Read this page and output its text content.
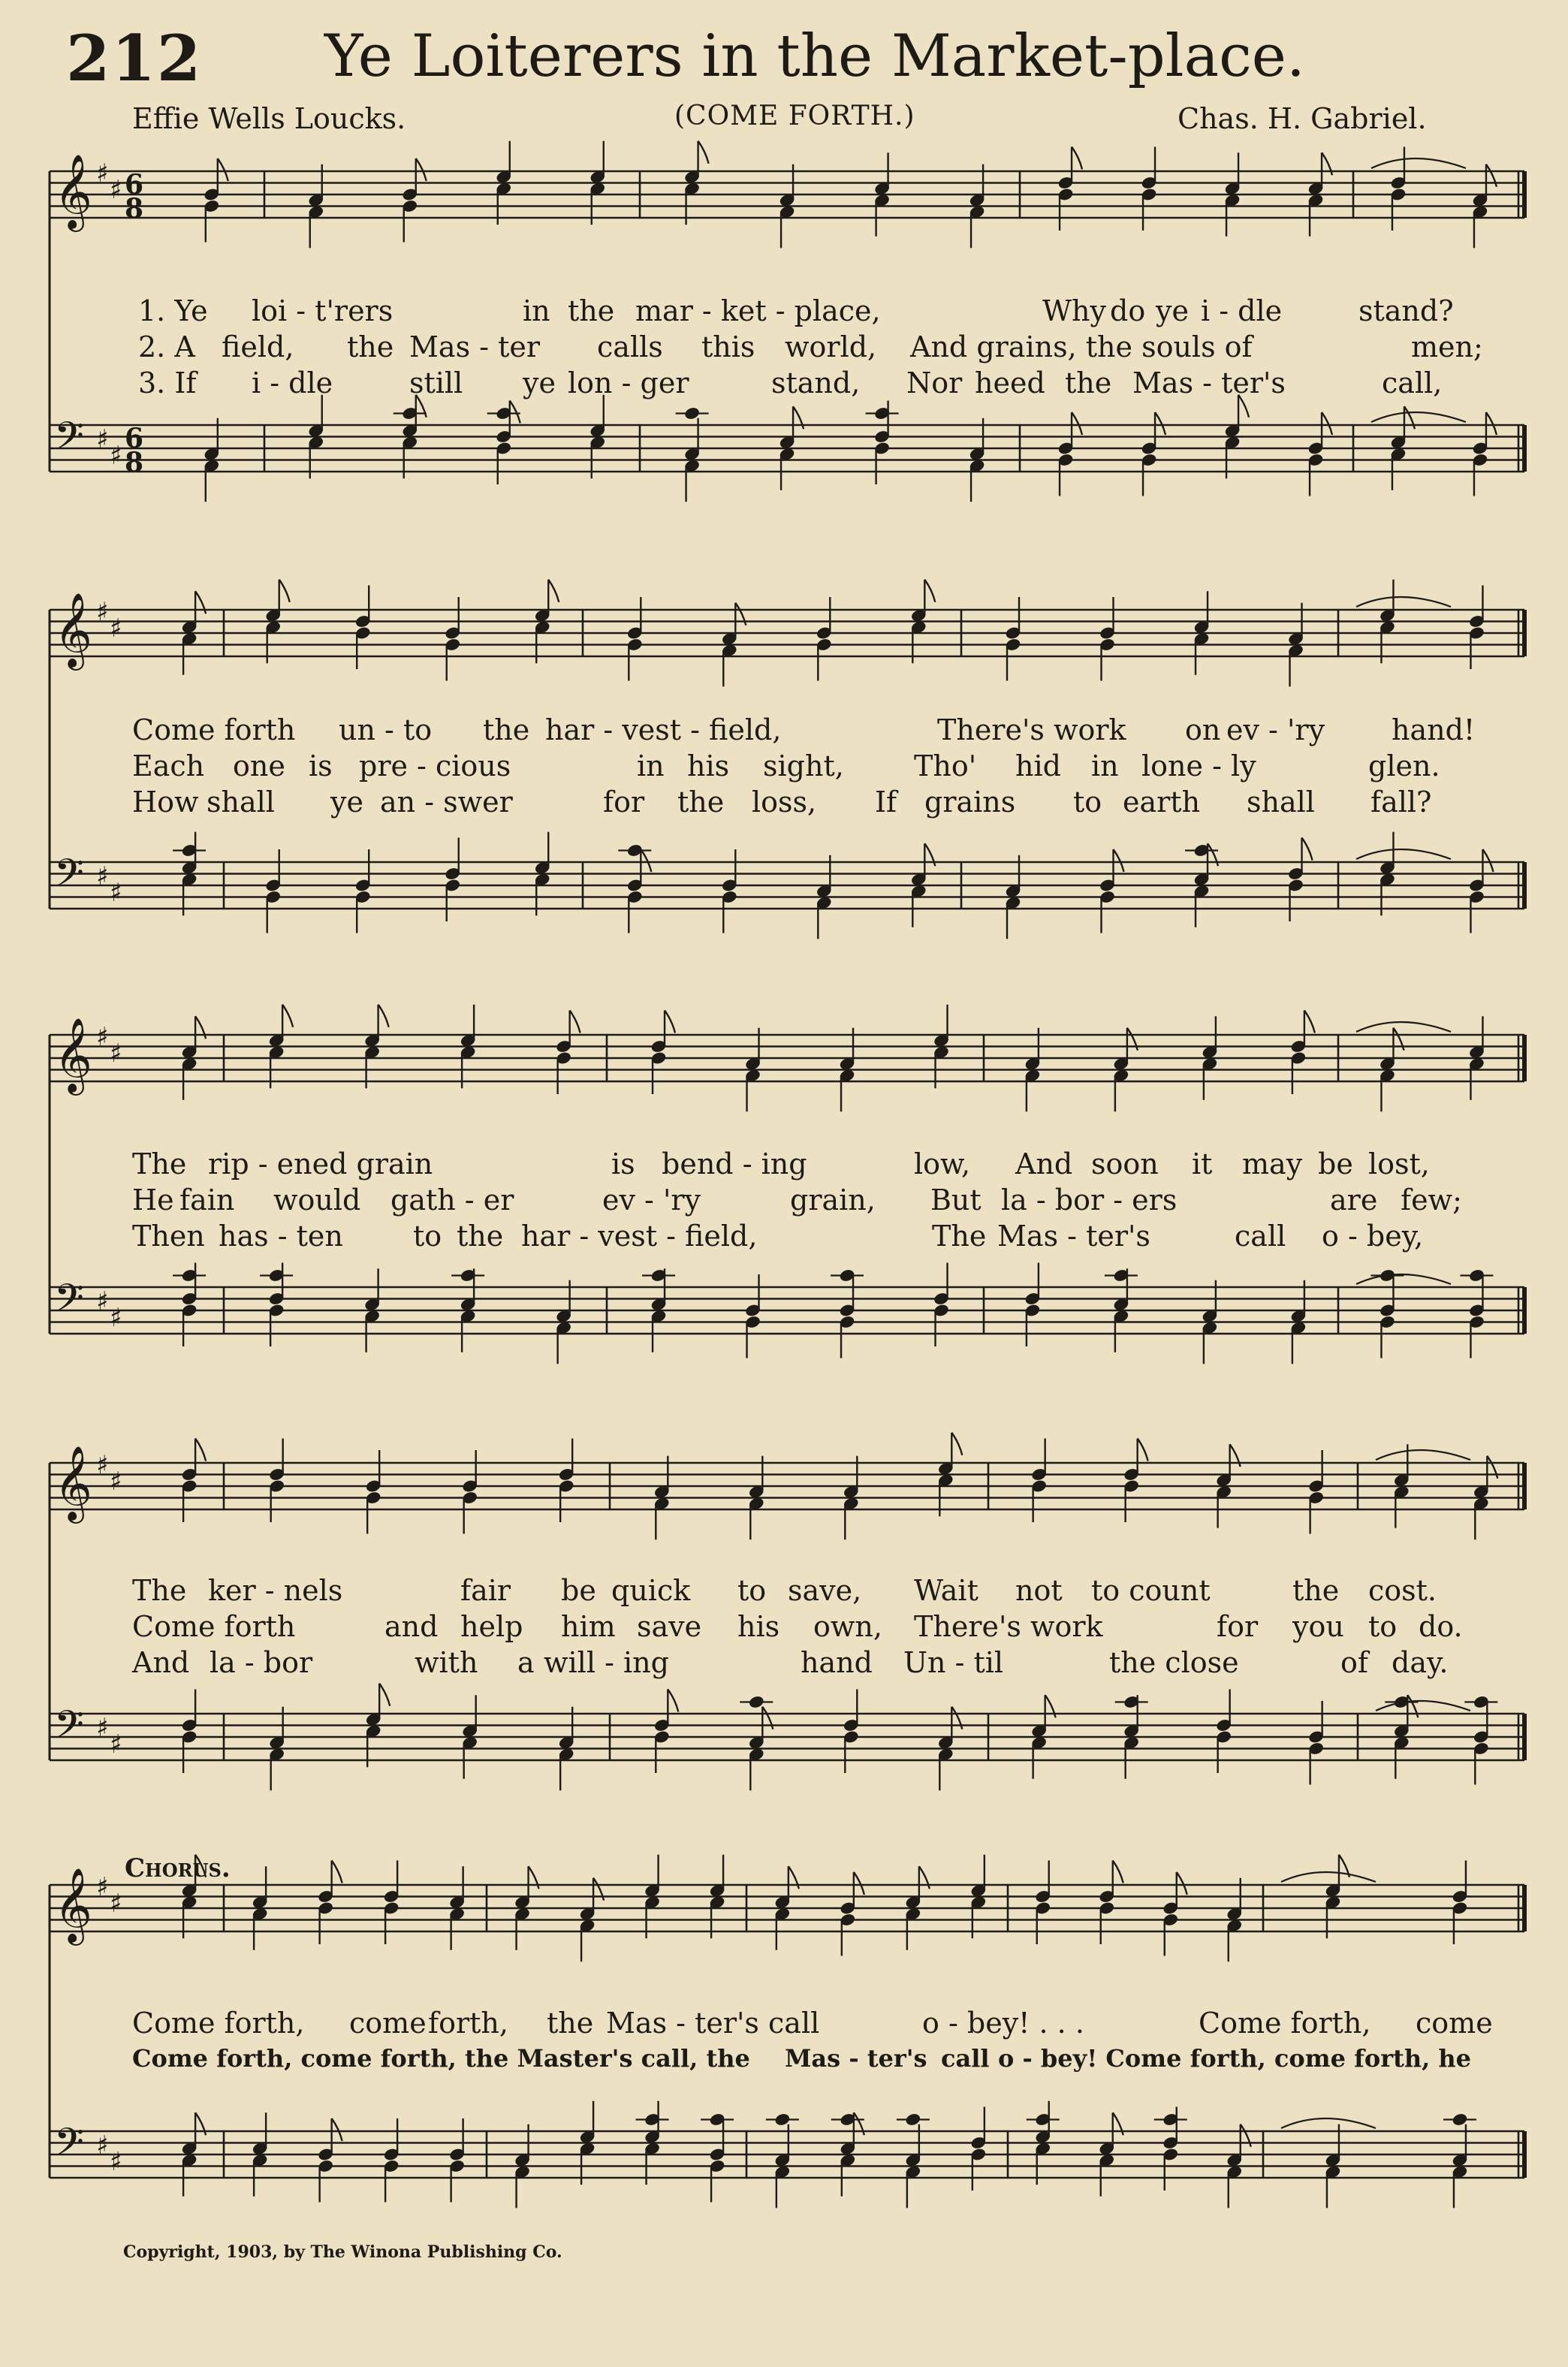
212 Ye Loiterers in the Market-place.
Effie Wells Loucks.	(COME FORTH.)	Chas. H. Gabriel.
𝄞 ♯
♯ 6
8
𝄢 ♯
♯
6
8
𝄞 ♯
♯
𝄢 ♯
♯
𝄞 ♯
♯
𝄢 ♯
♯
𝄞 ♯
♯
𝄢 ♯
♯
𝄞 ♯
♯
𝄢 ♯
♯
Chorus.
1. Ye loi - t'rers	in the mar - ket - place,	Why do ye i - dle	stand?
2. A field, the Mas - ter calls this world, And grains, the souls of	men;
3. If i - dle	still ye lon - ger	stand, Nor heed the Mas - ter's	call,
Come forth un - to the har - vest - field,	There's work on ev - 'ry hand!
Each one is pre - cious	in his sight, Tho' hid in lone - ly	glen.
How shall ye an - swer	for the loss, If grains to earth shall fall?
The rip - ened grain	is bend - ing	low, And soon it may be lost,
He fain would gath - er	ev - 'ry	grain, But la - bor - ers	are few;
Then has - ten to the har - vest - field,	The Mas - ter's	call o - bey,
The ker - nels	fair be quick to save, Wait not to count	the cost.
Come forth	and help him save his own, There's work	for you to do.
And la - bor	with a will - ing	hand Un - til	the close	of day.
Come forth, come forth, the Mas - ter's call	o - bey! . . .	Come forth, come
Come forth, come forth, the Master's call, the Mas - ter's call o - bey! Come forth, come forth, he
Copyright, 1903, by The Winona Publishing Co.
